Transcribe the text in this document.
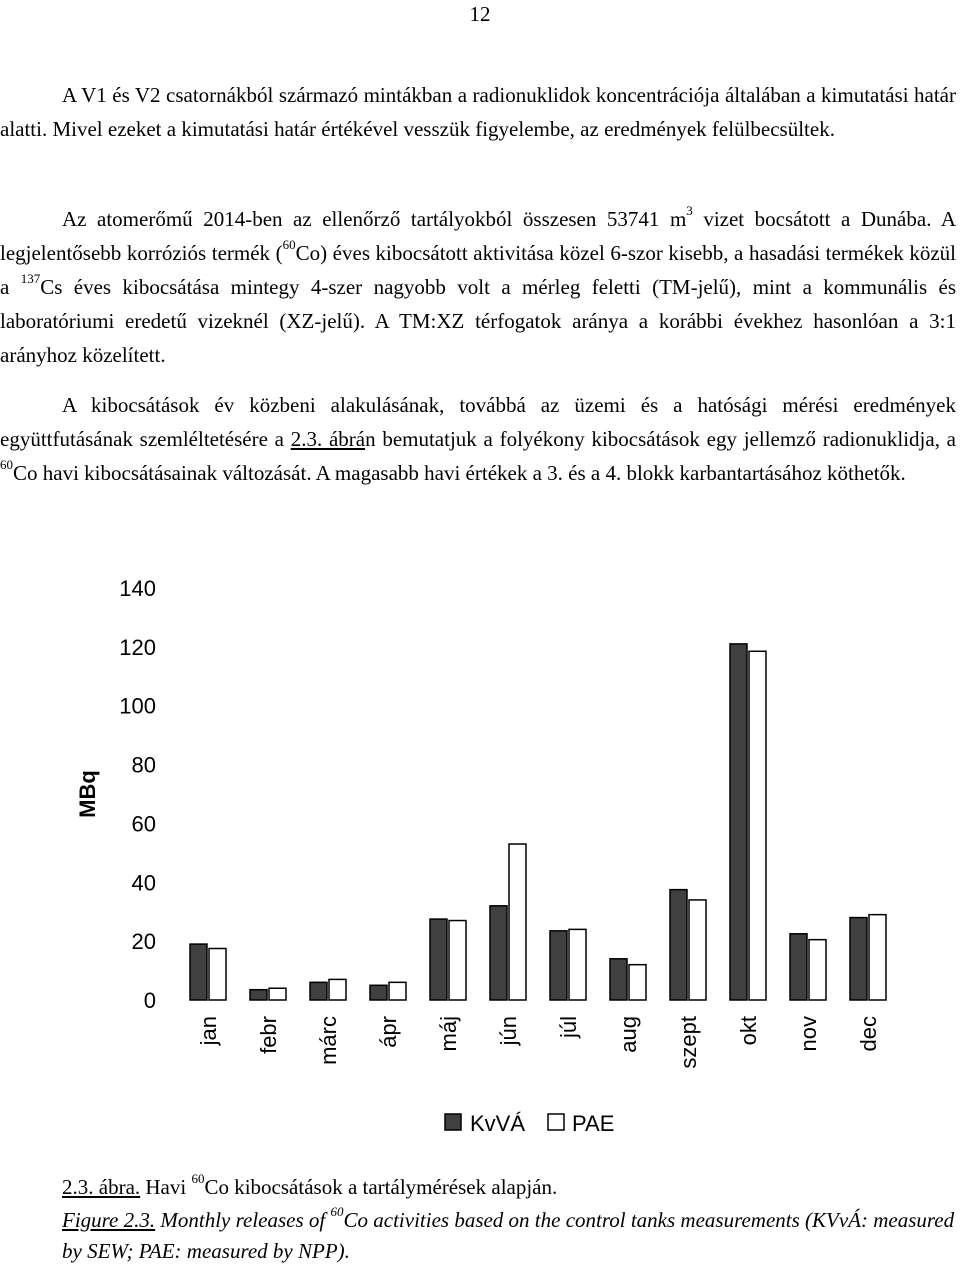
12

A V1 és V2 csatornákból származó mintákban a radionuklidok koncentrációja általában a kimutatási határ alatti. Mivel ezeket a kimutatási határ értékével vesszük figyelembe, az eredmények felülbecsültek.

Az atomerőmű 2014-ben az ellenőrző tartályokból összesen 53741 $m^3$ vizet bocsátott a Dunába. A legjelentősebb korróziós termék ($^{60}$Co) éves kibocsátott aktivitása közel 6-szor kisebb, a hasadási termékek közül a $^{137}$Cs éves kibocsátása mintegy 4-szer nagyobb volt a mérleg feletti (TM-jelű), mint a kommunális és laboratóriumi eredetű vizeknél (XZ-jelű). A TM:XZ térfogatok aránya a korábbi évekhez hasonlóan a 3:1 arányhoz közelített.

A kibocsátások év közbeni alakulásának, továbbá az üzemi és a hatósági mérési eredmények együttfutásának szemléltetésére a 2.3. ábrán bemutatjuk a folyékony kibocsátások egy jellemző radionuklidja, a $^{60}$Co havi kibocsátásainak változását. A magasabb havi értékek a 3. és a 4. blokk karbantartásához köthetők.

MBq
0
20
40
60
80
100
120
140
jan febr márc ápr máj jún júl aug szept okt nov dec
KvVÁ PAE

2.3. ábra. Havi $^{60}$Co kibocsátások a tartálymérések alapján.

Figure 2.3. Monthly releases of $^{60}$Co activities based on the control tanks measurements (KVvÁ: measured by SEW; PAE: measured by NPP).
